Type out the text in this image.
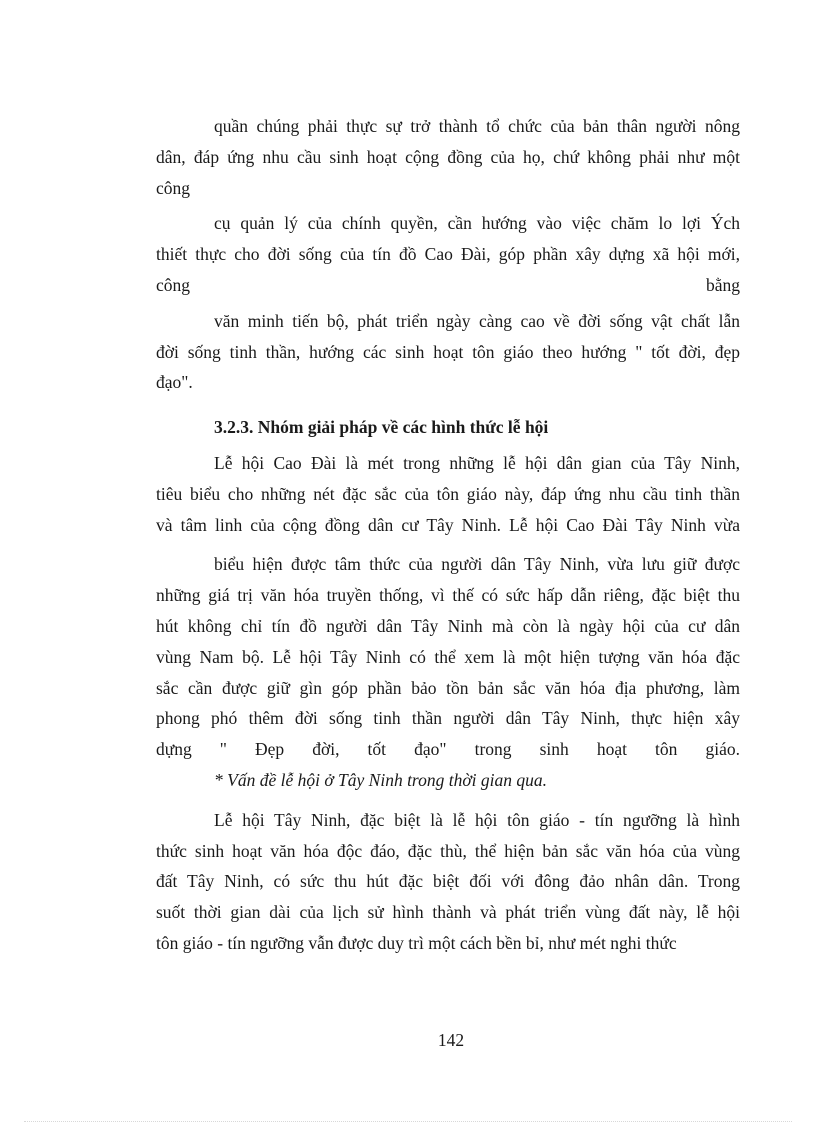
quần chúng phải thực sự trở thành tổ chức của bản thân người nông
dân, đáp ứng nhu cầu sinh hoạt cộng đồng của họ, chứ không phải như một
công
cụ quản lý của chính quyền, cần hướng vào việc chăm lo lợi Ých
thiết thực cho đời sống của tín đồ Cao Đài, góp phần xây dựng xã hội mới,
công	bằng
văn minh tiến bộ, phát triển ngày càng cao về đời sống vật chất lẫn
đời sống tinh thần, hướng các sinh hoạt tôn giáo theo hướng " tốt đời, đẹp
đạo".
3.2.3. Nhóm giải pháp về các hình thức lễ hội
Lễ hội Cao Đài là mét trong những lễ hội dân gian của Tây Ninh,
tiêu biểu cho những nét đặc sắc của tôn giáo này, đáp ứng nhu cầu tinh thần
và tâm linh của cộng đồng dân cư Tây Ninh. Lễ hội Cao Đài Tây Ninh vừa
biểu hiện được tâm thức của người dân Tây Ninh, vừa lưu giữ được
những giá trị văn hóa truyền thống, vì thế có sức hấp dẫn riêng, đặc biệt thu
hút không chỉ tín đồ người dân Tây Ninh mà còn là ngày hội của cư dân
vùng Nam bộ. Lễ hội Tây Ninh có thể xem là một hiện tượng văn hóa đặc
sắc cần được giữ gìn góp phần bảo tồn bản sắc văn hóa địa phương, làm
phong phó thêm đời sống tinh thần người dân Tây Ninh, thực hiện xây
dựng " Đẹp đời, tốt đạo" trong sinh hoạt tôn giáo.
* Vấn đề lễ hội ở Tây Ninh trong thời gian qua.
Lễ hội Tây Ninh, đặc biệt là lễ hội tôn giáo - tín ngưỡng là hình
thức sinh hoạt văn hóa độc đáo, đặc thù, thể hiện bản sắc văn hóa của vùng
đất Tây Ninh, có sức thu hút đặc biệt đối với đông đảo nhân dân. Trong
suốt thời gian dài của lịch sử hình thành và phát triển vùng đất này, lễ hội
tôn giáo - tín ngưỡng vẫn được duy trì một cách bền bỉ, như mét nghi thức
142
